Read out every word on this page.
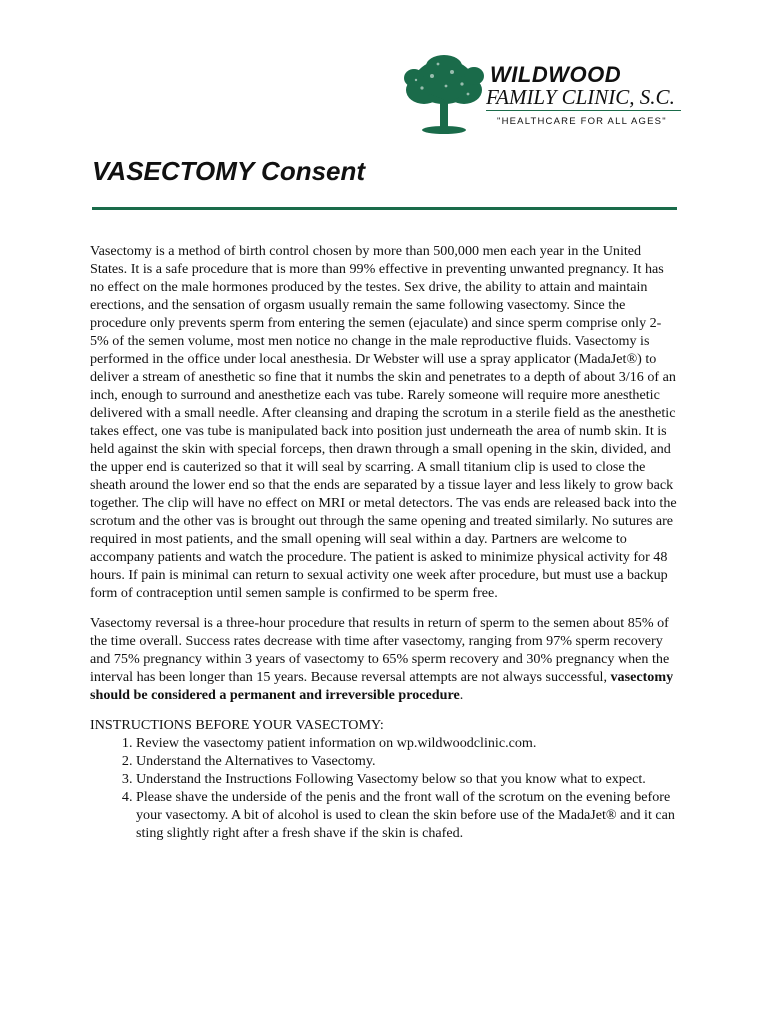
WILDWOOD
FAMILY CLINIC, S.C.
"HEALTHCARE FOR ALL AGES"
VASECTOMY Consent

Vasectomy is a method of birth control chosen by more than 500,000 men each year in the United States. It is a safe procedure that is more than 99% effective in preventing unwanted pregnancy. It has no effect on the male hormones produced by the testes. Sex drive, the ability to attain and maintain erections, and the sensation of orgasm usually remain the same following vasectomy. Since the procedure only prevents sperm from entering the semen (ejaculate) and since sperm comprise only 2-5% of the semen volume, most men notice no change in the male reproductive fluids. Vasectomy is performed in the office under local anesthesia. Dr Webster will use a spray applicator (MadaJet®) to deliver a stream of anesthetic so fine that it numbs the skin and penetrates to a depth of about 3/16 of an inch, enough to surround and anesthetize each vas tube. Rarely someone will require more anesthetic delivered with a small needle. After cleansing and draping the scrotum in a sterile field as the anesthetic takes effect, one vas tube is manipulated back into position just underneath the area of numb skin. It is held against the skin with special forceps, then drawn through a small opening in the skin, divided, and the upper end is cauterized so that it will seal by scarring. A small titanium clip is used to close the sheath around the lower end so that the ends are separated by a tissue layer and less likely to grow back together. The clip will have no effect on MRI or metal detectors. The vas ends are released back into the scrotum and the other vas is brought out through the same opening and treated similarly. No sutures are required in most patients, and the small opening will seal within a day. Partners are welcome to accompany patients and watch the procedure. The patient is asked to minimize physical activity for 48 hours. If pain is minimal can return to sexual activity one week after procedure, but must use a backup form of contraception until semen sample is confirmed to be sperm free.

Vasectomy reversal is a three-hour procedure that results in return of sperm to the semen about 85% of the time overall. Success rates decrease with time after vasectomy, ranging from 97% sperm recovery and 75% pregnancy within 3 years of vasectomy to 65% sperm recovery and 30% pregnancy when the interval has been longer than 15 years. Because reversal attempts are not always successful, vasectomy should be considered a permanent and irreversible procedure.

INSTRUCTIONS BEFORE YOUR VASECTOMY:
1. Review the vasectomy patient information on wp.wildwoodclinic.com.
2. Understand the Alternatives to Vasectomy.
3. Understand the Instructions Following Vasectomy below so that you know what to expect.
4. Please shave the underside of the penis and the front wall of the scrotum on the evening before your vasectomy. A bit of alcohol is used to clean the skin before use of the MadaJet® and it can sting slightly right after a fresh shave if the skin is chafed.
